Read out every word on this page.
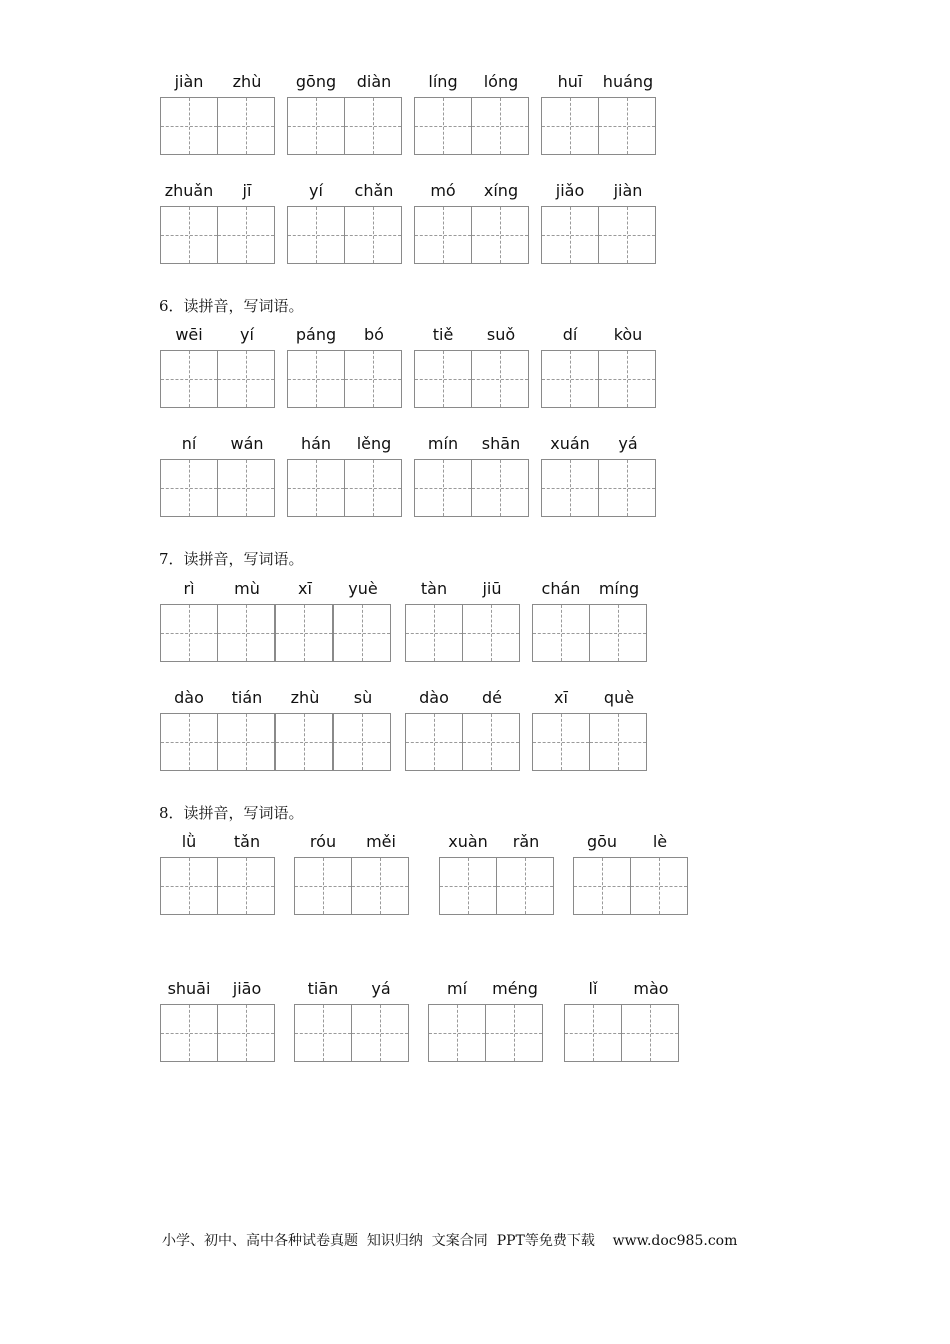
6．读拼音，写词语。
7．读拼音，写词语。
8．读拼音，写词语。
小学、初中、高中各种试卷真题  知识归纳  文案合同  PPT等免费下载    www.doc985.com
jiàn	zhù	gōng	diàn	líng	lóng	huī	huáng
zhuǎn	jī	yí	chǎn	mó	xíng	jiǎo	jiàn
wēi	yí	páng	bó	tiě	suǒ	dí	kòu
ní	wán	hán	lěng	mín	shān	xuán	yá
rì	mù	xī	yuè	tàn	jiū	chán	míng
dào	tián	zhù	sù	dào	dé	xī	què
lǜ	tǎn	róu	měi	xuàn	rǎn	gōu	lè
shuāi	jiāo	tiān	yá	mí	méng	lǐ	mào
